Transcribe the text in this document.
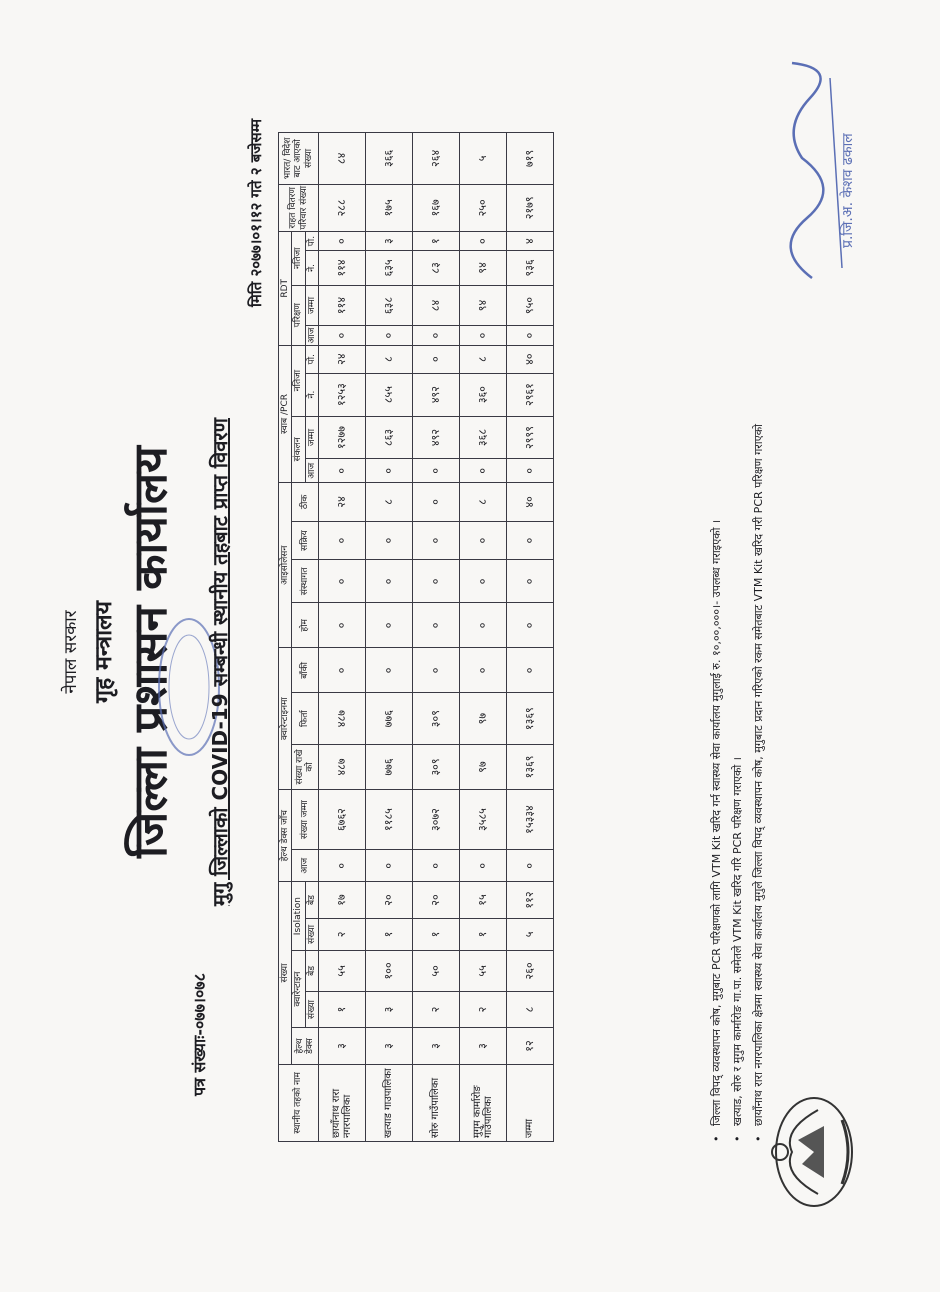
नेपाल सरकार गृह मन्त्रालय जिल्ला प्रशासन कार्यालय
पत्र संख्याः-०७७।०७८
मुगु जिल्लाको COVID-19 सम्बन्धी स्थानीय तहबाट प्राप्त विवरण
मिति २०७७।०१।१२ गते २ बजेसम्म
स्थानीय तहको नाम	संख्या					हेल्थ डेक्स जाँच		क्वारेन्टाइनमा			आइसोलेसन				स्वाब /PCR				RDT				राहत वितरण परिवार संख्या	भारत/ विदेश बाट आएको संख्या
	हेल्थ डेक्स	क्वारेन्टाइन		Isolation		आज	संख्या जम्मा	संख्या राखे को	फिर्ता	बाँकी	होम	संस्थागत	सक्रिय	ठीक	संकलन		नतिजा		परिक्षण		नतिजा			
		संख्या	बेड	संख्या	बेड										आज	जम्मा	ने.	पो.	आज	जम्मा	ने.	पो.		
छायाँनाथ रारा नगरपालिका	३	१	५५	२	१७	०	६७६२	४८७	४८७	०	०	०	०	२४	०	१२७७	१२५३	२४	०	११४	११४	०	२८८	८४
खत्याड गाउपालिका	३	३	१००	१	२०	०	११८५	७७६	७७६	०	०	०	०	८	०	८६३	८५५	८	०	६३८	६३५	३	१७५	३६६
सोरु गाउँपालिका	३	२	५०	१	२०	०	३०७२	३०९	३०९	०	०	०	०	०	०	४९२	४९२	०	०	८४	८३	१	१६७	२६४
मुगुम कार्मारोङ गाउँपालिका	३	२	५५	१	१५	०	३५८५	९७	९७	०	०	०	०	८	०	३६८	३६०	८	०	९४	९४	०	२५०	५
जम्मा	१२	८	२६०	५	११२	०	१५३३४	१३६९	१३६९	०	०	०	०	४०	०	२९९९	२९६१	४०	०	९५०	९३६	४	२१७९	७१९
•जिल्ला विपद् व्यवस्थापन कोष, मुगुबाट PCR परिक्षणको लागि VTM Kit खरिद गर्न स्वास्थ्य सेवा कार्यालय मुगुलाई रु. १०,००,०००।- उपलब्ध गराइएको ।
•खत्याड, सोरु र मुगुम कार्मारोङ गा.पा. समेतले VTM Kit खरिद गरि PCR परिक्षण गराएको ।
•छायाँनाथ रारा नगरपालिका क्षेत्रमा स्वास्थ्य सेवा कार्यालय मुगुले जिल्ला विपद् व्यवस्थापन कोष, मुगुबाट प्रदान गरिएको रकम समेतबाट VTM Kit खरिद गरी PCR परिक्षण गराएको
प्र.जि.अ. केशव ढकाल
